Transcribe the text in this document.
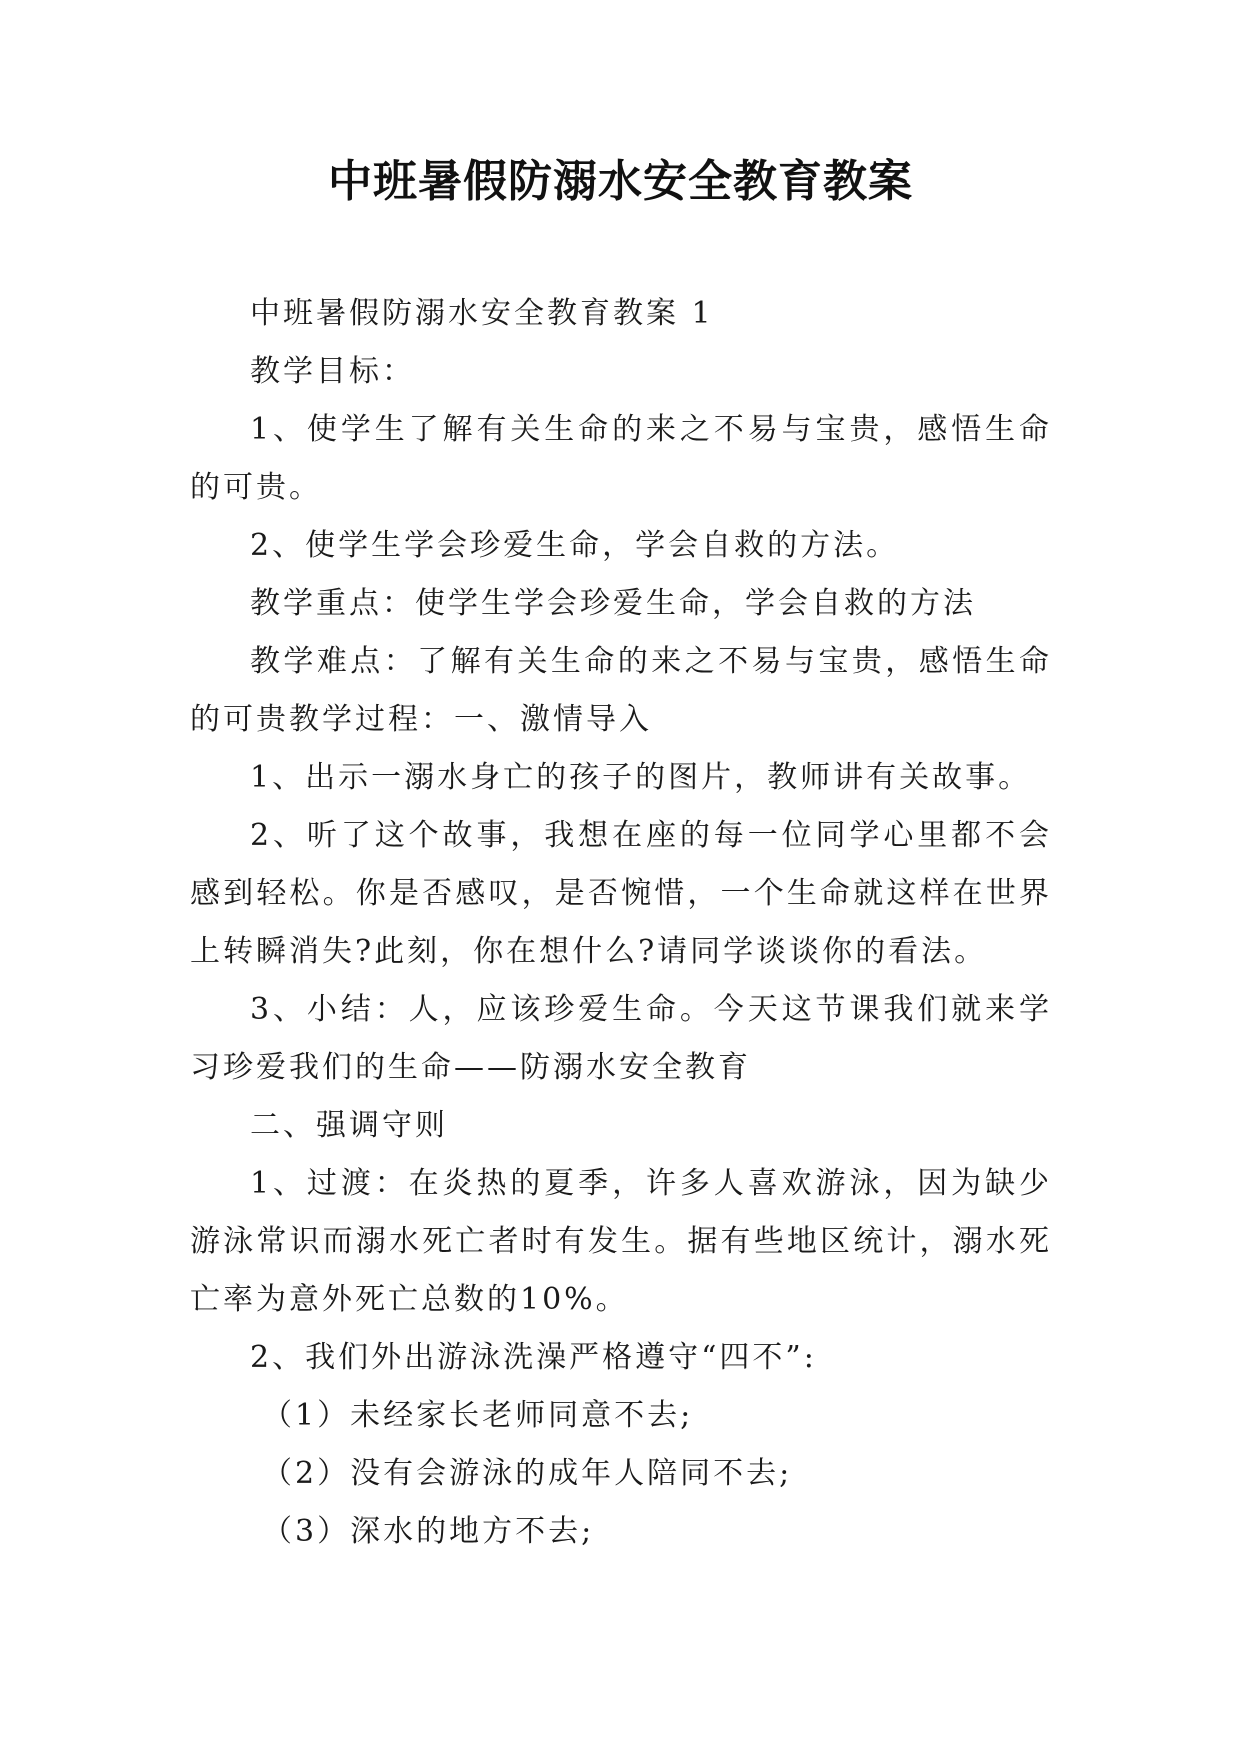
中班暑假防溺水安全教育教案

中班暑假防溺水安全教育教案 1

教学目标：

1、使学生了解有关生命的来之不易与宝贵，感悟生命的可贵。

2、使学生学会珍爱生命，学会自救的方法。

教学重点：使学生学会珍爱生命，学会自救的方法

教学难点：了解有关生命的来之不易与宝贵，感悟生命的可贵教学过程：一、激情导入

1、出示一溺水身亡的孩子的图片，教师讲有关故事。

2、听了这个故事，我想在座的每一位同学心里都不会感到轻松。你是否感叹，是否惋惜，一个生命就这样在世界上转瞬消失?此刻，你在想什么?请同学谈谈你的看法。

3、小结：人，应该珍爱生命。今天这节课我们就来学习珍爱我们的生命——防溺水安全教育

二、强调守则

1、过渡：在炎热的夏季，许多人喜欢游泳，因为缺少游泳常识而溺水死亡者时有发生。据有些地区统计，溺水死亡率为意外死亡总数的10%。

2、我们外出游泳洗澡严格遵守“四不”:

（1）未经家长老师同意不去;

（2）没有会游泳的成年人陪同不去;

（3）深水的地方不去;
